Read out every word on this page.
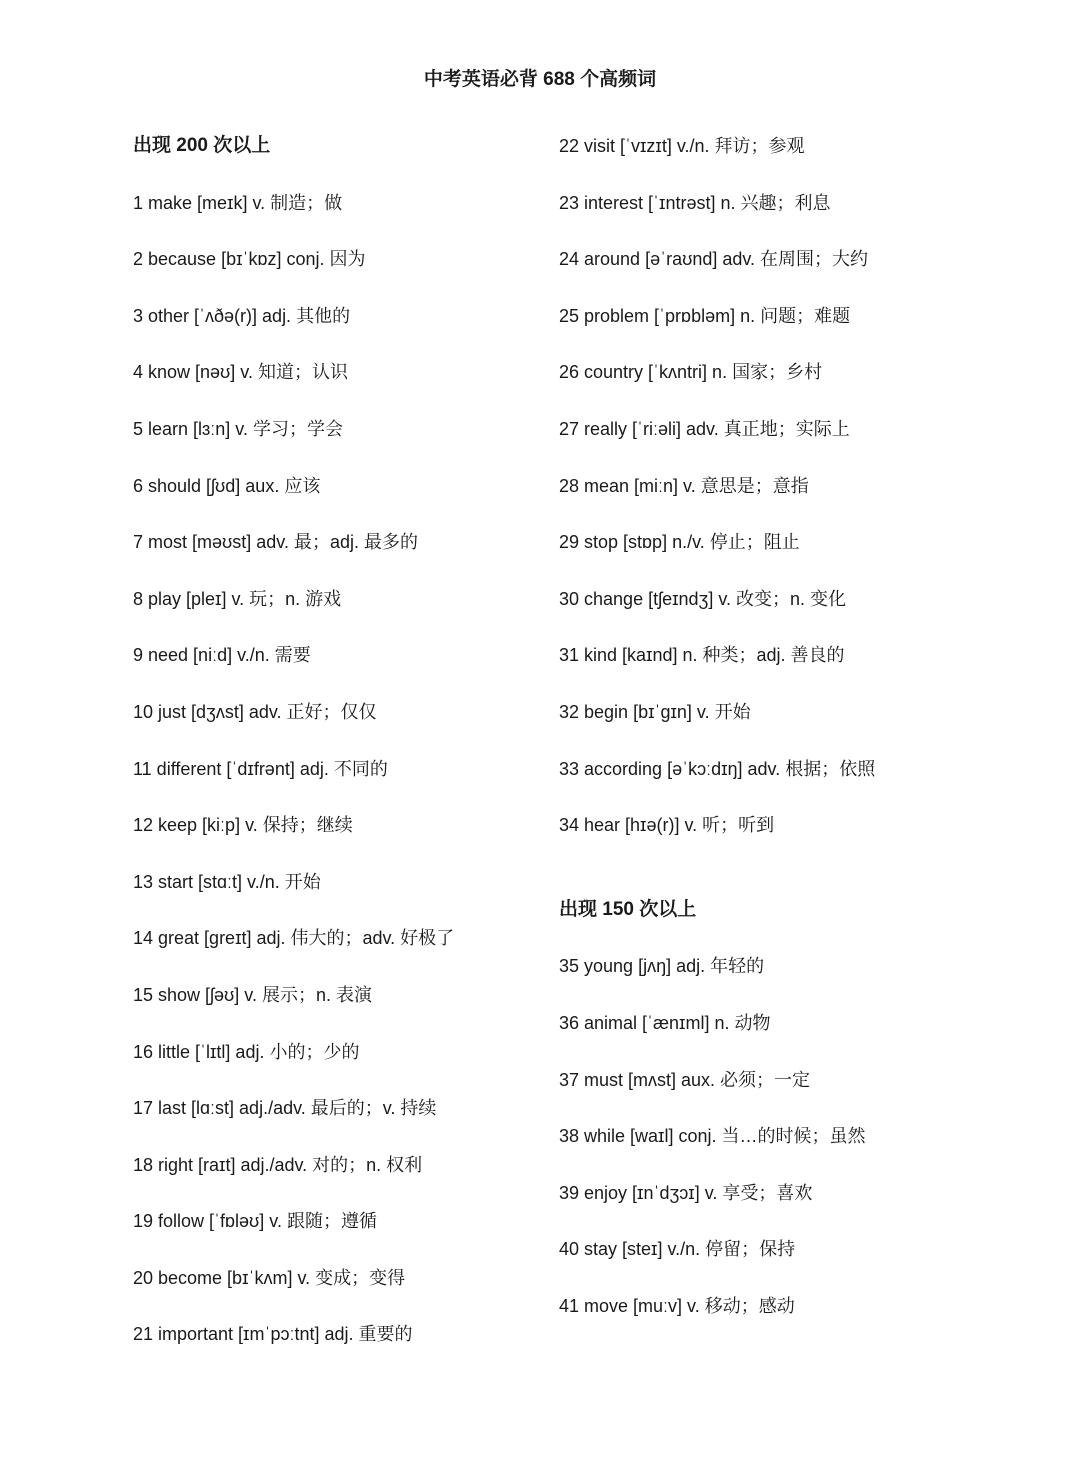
中考英语必背 688 个高频词
出现 200 次以上
1 make [meɪk] v. 制造；做
2 because [bɪˈkɒz] conj. 因为
3 other [ˈʌðə(r)] adj. 其他的
4 know [nəʊ] v. 知道；认识
5 learn [lɜːn] v. 学习；学会
6 should [ʃʊd] aux. 应该
7 most [məʊst] adv. 最；adj. 最多的
8 play [pleɪ] v. 玩；n. 游戏
9 need [niːd] v./n. 需要
10 just [dʒʌst] adv. 正好；仅仅
11 different [ˈdɪfrənt] adj. 不同的
12 keep [kiːp] v. 保持；继续
13 start [stɑːt] v./n. 开始
14 great [greɪt] adj. 伟大的；adv. 好极了
15 show [ʃəʊ] v. 展示；n. 表演
16 little [ˈlɪtl] adj. 小的；少的
17 last [lɑːst] adj./adv. 最后的；v. 持续
18 right [raɪt] adj./adv. 对的；n. 权利
19 follow [ˈfɒləʊ] v. 跟随；遵循
20 become [bɪˈkʌm] v. 变成；变得
21 important [ɪmˈpɔːtnt] adj. 重要的
22 visit [ˈvɪzɪt] v./n. 拜访；参观
23 interest [ˈɪntrəst] n. 兴趣；利息
24 around [əˈraʊnd] adv. 在周围；大约
25 problem [ˈprɒbləm] n. 问题；难题
26 country [ˈkʌntri] n. 国家；乡村
27 really [ˈriːəli] adv. 真正地；实际上
28 mean [miːn] v. 意思是；意指
29 stop [stɒp] n./v. 停止；阻止
30 change [tʃeɪndʒ] v. 改变；n. 变化
31 kind [kaɪnd] n. 种类；adj. 善良的
32 begin [bɪˈgɪn] v. 开始
33 according [əˈkɔːdɪŋ] adv. 根据；依照
34 hear [hɪə(r)] v. 听；听到
出现 150 次以上
35 young [jʌŋ] adj. 年轻的
36 animal [ˈænɪml] n. 动物
37 must [mʌst] aux. 必须；一定
38 while [waɪl] conj. 当…的时候；虽然
39 enjoy [ɪnˈdʒɔɪ] v. 享受；喜欢
40 stay [steɪ] v./n. 停留；保持
41 move [muːv] v. 移动；感动
